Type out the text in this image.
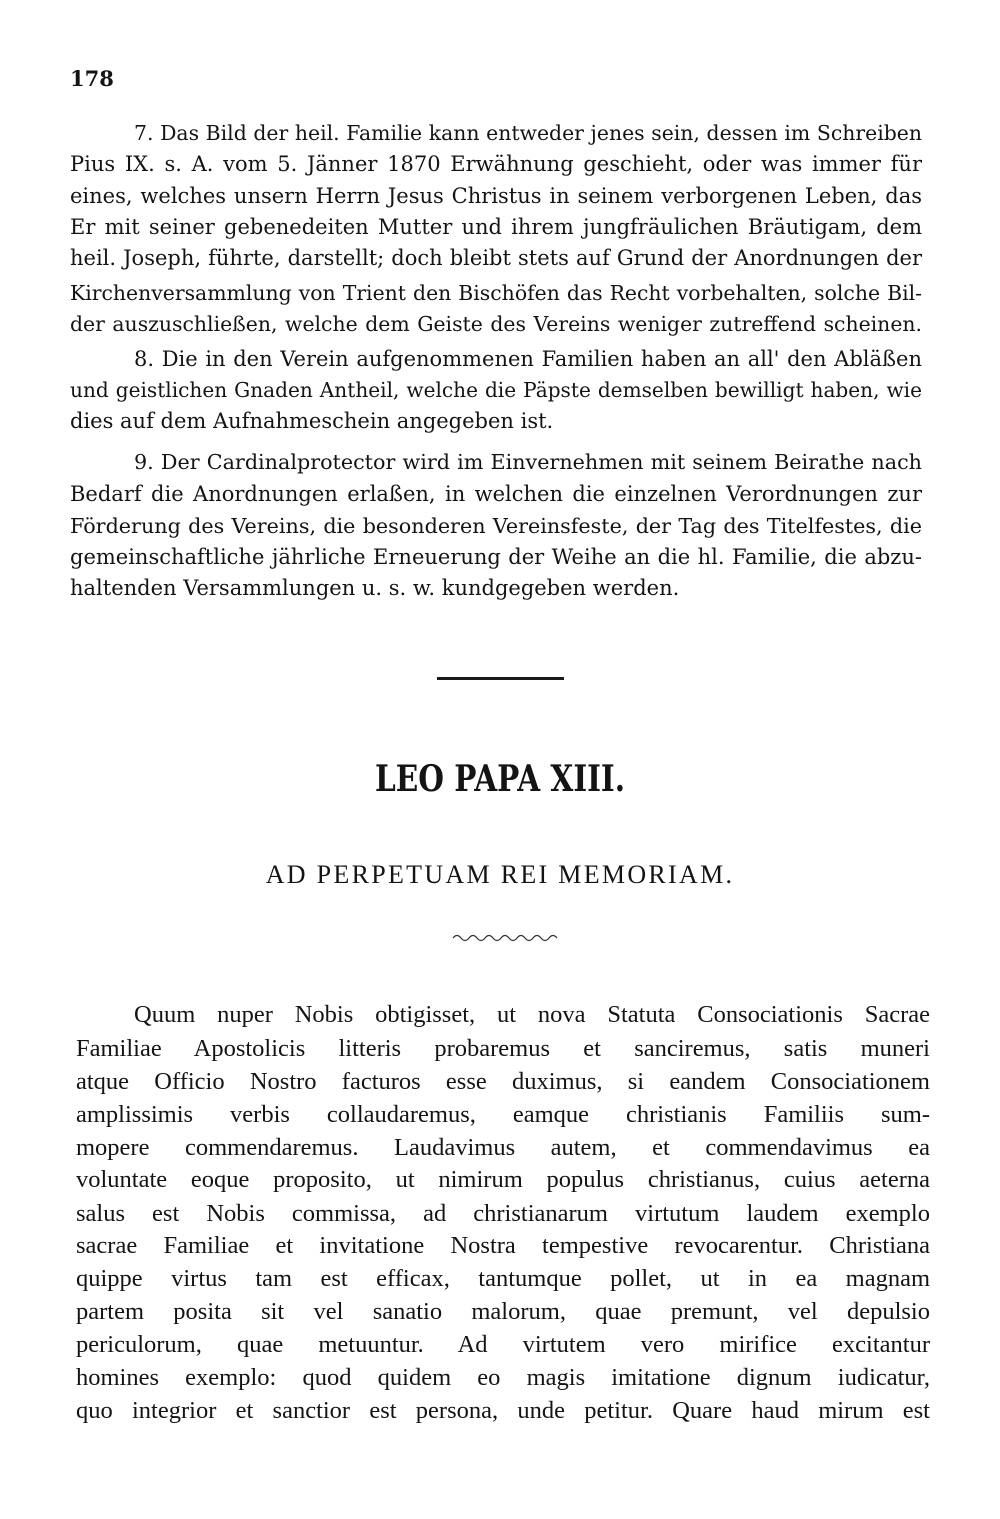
178
7. Das Bild der heil. Familie kann entweder jenes sein, dessen im Schreiben
Pius IX. s. A. vom 5. Jänner 1870 Erwähnung geschieht, oder was immer für
eines, welches unsern Herrn Jesus Christus in seinem verborgenen Leben, das
Er mit seiner gebenedeiten Mutter und ihrem jungfräulichen Bräutigam, dem
heil. Joseph, führte, darstellt; doch bleibt stets auf Grund der Anordnungen der
Kirchenversammlung von Trient den Bischöfen das Recht vorbehalten, solche Bil-
der auszuschließen, welche dem Geiste des Vereins weniger zutreffend scheinen.
8. Die in den Verein aufgenommenen Familien haben an all' den Abläßen
und geistlichen Gnaden Antheil, welche die Päpste demselben bewilligt haben, wie
dies auf dem Aufnahmeschein angegeben ist.
9. Der Cardinalprotector wird im Einvernehmen mit seinem Beirathe nach
Bedarf die Anordnungen erlaßen, in welchen die einzelnen Verordnungen zur
Förderung des Vereins, die besonderen Vereinsfeste, der Tag des Titelfestes, die
gemeinschaftliche jährliche Erneuerung der Weihe an die hl. Familie, die abzu-
haltenden Versammlungen u. s. w. kundgegeben werden.
LEO PAPA XIII.
AD PERPETUAM REI MEMORIAM.
Quum nuper Nobis obtigisset, ut nova Statuta Consociationis Sacrae
Familiae Apostolicis litteris probaremus et sanciremus, satis muneri
atque Officio Nostro facturos esse duximus, si eandem Consociationem
amplissimis verbis collaudaremus, eamque christianis Familiis sum-
mopere commendaremus. Laudavimus autem, et commendavimus ea
voluntate eoque proposito, ut nimirum populus christianus, cuius aeterna
salus est Nobis commissa, ad christianarum virtutum laudem exemplo
sacrae Familiae et invitatione Nostra tempestive revocarentur. Christiana
quippe virtus tam est efficax, tantumque pollet, ut in ea magnam
partem posita sit vel sanatio malorum, quae premunt, vel depulsio
periculorum, quae metuuntur. Ad virtutem vero mirifice excitantur
homines exemplo: quod quidem eo magis imitatione dignum iudicatur,
quo integrior et sanctior est persona, unde petitur. Quare haud mirum est
